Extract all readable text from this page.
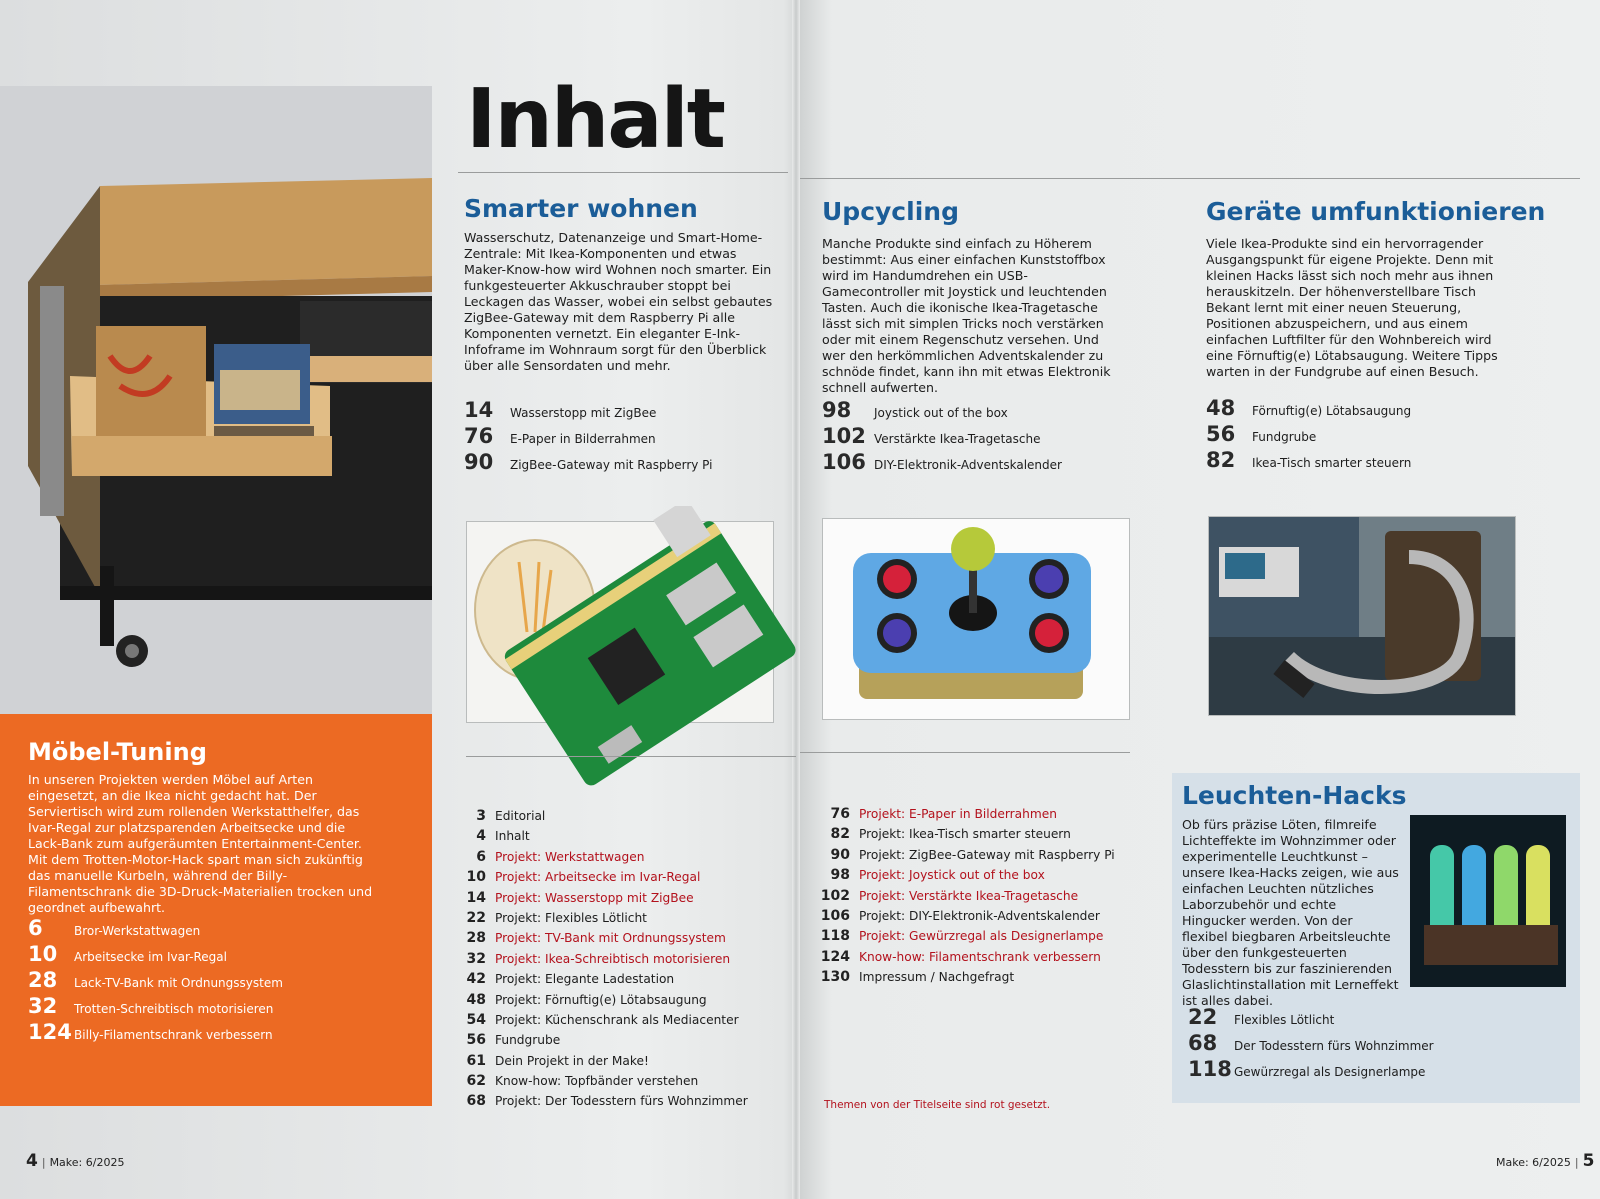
Möbel-Tuning

In unseren Projekten werden Möbel auf Arten eingesetzt, an die Ikea nicht gedacht hat. Der Serviertisch wird zum rollenden Werkstatthelfer, das Ivar-Regal zur platzsparenden Arbeitsecke und die Lack-Bank zum aufgeräumten Entertainment-Center. Mit dem Trotten-Motor-Hack spart man sich zukünftig das manuelle Kurbeln, während der Billy-Filamentschrank die 3D-Druck-Materialien trocken und geordnet aufbewahrt.

6	Bror-Werkstattwagen
10	Arbeitsecke im Ivar-Regal
28	Lack-TV-Bank mit Ordnungssystem
32	Trotten-Schreibtisch motorisieren
124 Billy-Filamentschrank verbessern
Inhalt
Smarter wohnen

Wasserschutz, Datenanzeige und Smart-Home-Zentrale: Mit Ikea-Komponenten und etwas Maker-Know-how wird Wohnen noch smarter. Ein funkgesteuerter Akkuschrauber stoppt bei Leckagen das Wasser, wobei ein selbst gebautes ZigBee-Gateway mit dem Raspberry Pi alle Komponenten vernetzt. Ein eleganter E-Ink-Infoframe im Wohnraum sorgt für den Überblick über alle Sensordaten und mehr.

14	Wasserstopp mit ZigBee
76	E-Paper in Bilderrahmen
90	ZigBee-Gateway mit Raspberry Pi
3 Editorial
4 Inhalt
6 Projekt: Werkstattwagen
10 Projekt: Arbeitsecke im Ivar-Regal
14 Projekt: Wasserstopp mit ZigBee
22 Projekt: Flexibles Lötlicht
28 Projekt: TV-Bank mit Ordnungssystem
32 Projekt: Ikea-Schreibtisch motorisieren
42 Projekt: Elegante Ladestation
48 Projekt: Förnuftig(e) Lötabsaugung
54 Projekt: Küchenschrank als Mediacenter
56 Fundgrube
61 Dein Projekt in der Make!
62 Know-how: Topfbänder verstehen
68 Projekt: Der Todesstern fürs Wohnzimmer
4 | Make: 6/2025
Upcycling

Manche Produkte sind einfach zu Höherem bestimmt: Aus einer einfachen Kunststoffbox wird im Handumdrehen ein USB-Gamecontroller mit Joystick und leuchtenden Tasten. Auch die ikonische Ikea-Tragetasche lässt sich mit simplen Tricks noch verstärken oder mit einem Regenschutz versehen. Und wer den herkömmlichen Adventskalender zu schnöde findet, kann ihn mit etwas Elektronik schnell aufwerten.

98	Joystick out of the box
102 Verstärkte Ikea-Tragetasche
106 DIY-Elektronik-Adventskalender
Geräte umfunktionieren

Viele Ikea-Produkte sind ein hervorragender Ausgangspunkt für eigene Projekte. Denn mit kleinen Hacks lässt sich noch mehr aus ihnen herauskitzeln. Der höhenverstellbare Tisch Bekant lernt mit einer neuen Steuerung, Positionen abzuspeichern, und aus einem einfachen Luftfilter für den Wohnbereich wird eine Förnuftig(e) Lötabsaugung. Weitere Tipps warten in der Fundgrube auf einen Besuch.

48	Förnuftig(e) Lötabsaugung
56	Fundgrube
82	Ikea-Tisch smarter steuern
76 Projekt: E-Paper in Bilderrahmen
82 Projekt: Ikea-Tisch smarter steuern
90 Projekt: ZigBee-Gateway mit Raspberry Pi
98 Projekt: Joystick out of the box
102 Projekt: Verstärkte Ikea-Tragetasche
106 Projekt: DIY-Elektronik-Adventskalender
118 Projekt: Gewürzregal als Designerlampe
124 Know-how: Filamentschrank verbessern
130 Impressum / Nachgefragt
Themen von der Titelseite sind rot gesetzt.
Leuchten-Hacks

Ob fürs präzise Löten, filmreife Lichteffekte im Wohnzimmer oder experimentelle Leuchtkunst – unsere Ikea-Hacks zeigen, wie aus einfachen Leuchten nützliches Laborzubehör und echte Hingucker werden. Von der flexibel biegbaren Arbeitsleuchte über den funkgesteuerten Todesstern bis zur faszinierenden Glaslichtinstallation mit Lerneffekt ist alles dabei.

22	Flexibles Lötlicht
68	Der Todesstern fürs Wohnzimmer
118 Gewürzregal als Designerlampe
Make: 6/2025 | 5
